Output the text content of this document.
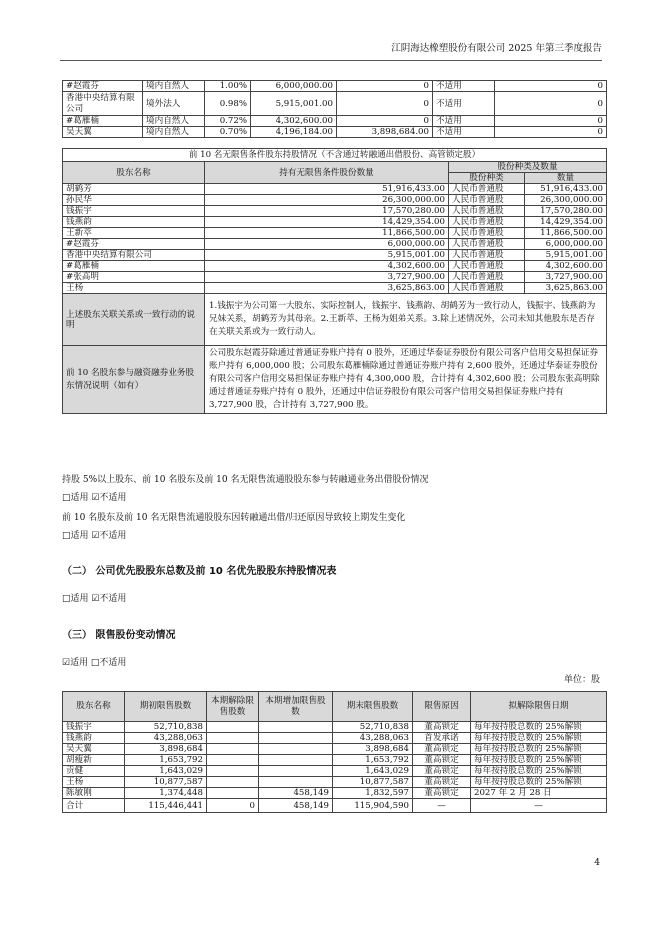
江阴海达橡塑股份有限公司 2025 年第三季度报告
#赵霞芬	境内自然人	1.00%	6,000,000.00	0	不适用	0
香港中央结算有限公司	境外法人	0.98%	5,915,001.00	0	不适用	0
#葛雁楠	境内自然人	0.72%	4,302,600.00	0	不适用	0
吴天翼	境内自然人	0.70%	4,196,184.00	3,898,684.00	不适用	0
前 10 名无限售条件股东持股情况（不含通过转融通出借股份、高管锁定股）			
股东名称	持有无限售条件股份数量	股份种类及数量	
		股份种类	数量
胡鹤芳	51,916,433.00	人民币普通股	51,916,433.00
孙民华	26,300,000.00	人民币普通股	26,300,000.00
钱振宇	17,570,280.00	人民币普通股	17,570,280.00
钱燕韵	14,429,354.00	人民币普通股	14,429,354.00
王新萃	11,866,500.00	人民币普通股	11,866,500.00
#赵霞芬	6,000,000.00	人民币普通股	6,000,000.00
香港中央结算有限公司	5,915,001.00	人民币普通股	5,915,001.00
#葛雁楠	4,302,600.00	人民币普通股	4,302,600.00
#张高明	3,727,900.00	人民币普通股	3,727,900.00
王杨	3,625,863.00	人民币普通股	3,625,863.00
上述股东关联关系或一致行动的说明	1.钱振宇为公司第一大股东、实际控制人，钱振宇、钱燕韵、胡鹤芳为一致行动人，钱振宇、钱燕韵为兄妹关系，胡鹤芳为其母亲。2.王新萃、王杨为姐弟关系。3.除上述情况外，公司未知其他股东是否存在关联关系或为一致行动人。		
前 10 名股东参与融资融券业务股东情况说明（如有）	公司股东赵霞芬除通过普通证券账户持有 0 股外，还通过华泰证券股份有限公司客户信用交易担保证券账户持有 6,000,000 股；公司股东葛雁楠除通过普通证券账户持有 2,600 股外，还通过华泰证券股份有限公司客户信用交易担保证券账户持有 4,300,000 股，合计持有 4,302,600 股；公司股东张高明除通过普通证券账户持有 0 股外，还通过中信证券股份有限公司客户信用交易担保证券账户持有 3,727,900 股，合计持有 3,727,900 股。		
持股 5%以上股东、前 10 名股东及前 10 名无限售流通股股东参与转融通业务出借股份情况
□适用 ☑不适用
前 10 名股东及前 10 名无限售流通股股东因转融通出借/归还原因导致较上期发生变化
□适用 ☑不适用
（二） 公司优先股股东总数及前 10 名优先股股东持股情况表
□适用 ☑不适用
（三） 限售股份变动情况
☑适用 □不适用
单位：股
股东名称	期初限售股数	本期解除限售股数	本期增加限售股数	期末限售股数	限售原因	拟解除限售日期
钱振宇	52,710,838			52,710,838	董高锁定	每年按持股总数的 25%解锁
钱燕韵	43,288,063			43,288,063	首发承诺	每年按持股总数的 25%解锁
吴天翼	3,898,684			3,898,684	董高锁定	每年按持股总数的 25%解锁
胡瘦新	1,653,792			1,653,792	董高锁定	每年按持股总数的 25%解锁
贡健	1,643,029			1,643,029	董高锁定	每年按持股总数的 25%解锁
王杨	10,877,587			10,877,587	董高锁定	每年按持股总数的 25%解锁
陈敏刚	1,374,448		458,149	1,832,597	董高锁定	2027 年 2 月 28 日
合计	115,446,441	0	458,149	115,904,590	—	—
4
